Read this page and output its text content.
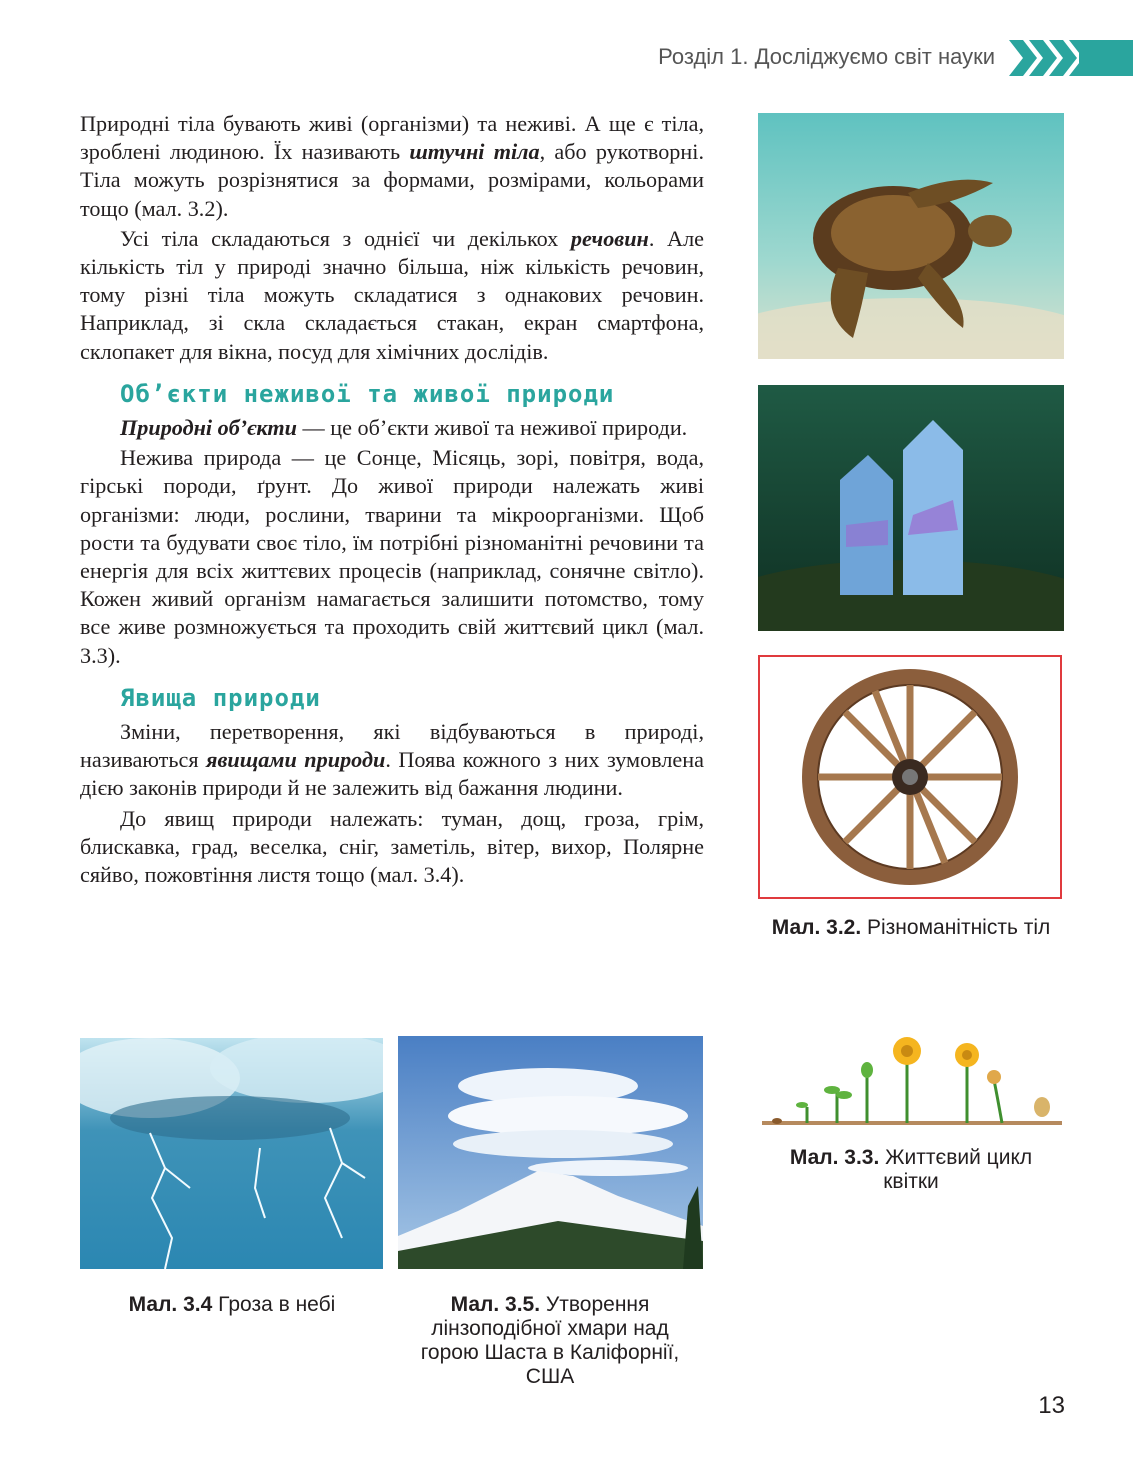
Розділ 1. Досліджуємо світ науки

Природні тіла бувають живі (організми) та неживі. А ще є тіла, зроблені людиною. Їх називають штучні тіла, або рукотворні. Тіла можуть розрізнятися за формами, розмірами, кольорами тощо (мал. 3.2).

Усі тіла складаються з однієї чи декількох речовин. Але кількість тіл у природі значно більша, ніж кількість речовин, тому різні тіла можуть складатися з однакових речовин. Наприклад, зі скла складається стакан, екран смартфона, склопакет для вікна, посуд для хімічних дослідів.

Об’єкти неживої та живої природи

Природні об’єкти — це об’єкти живої та неживої природи.

Нежива природа — це Сонце, Місяць, зорі, повітря, вода, гірські породи, ґрунт. До живої природи належать живі організми: люди, рослини, тварини та мікроорганізми. Щоб рости та будувати своє тіло, їм потрібні різноманітні речовини та енергія для всіх життєвих процесів (наприклад, сонячне світло). Кожен живий організм намагається залишити потомство, тому все живе розмножується та проходить свій життєвий цикл (мал. 3.3).

Явища природи

Зміни, перетворення, які відбуваються в природі, називаються явищами природи. Поява кожного з них зумовлена дією законів природи й не залежить від бажання людини.

До явищ природи належать: туман, дощ, гроза, грім, блискавка, град, веселка, сніг, заметіль, вітер, вихор, Полярне сяйво, пожовтіння листя тощо (мал. 3.4).

Мал. 3.2. Різноманітність тіл
Мал. 3.3. Життєвий цикл квітки
Мал. 3.4 Гроза в небі	Мал. 3.5. Утворення лінзоподібної хмари над горою Шаста в Каліфорнії, США
13
